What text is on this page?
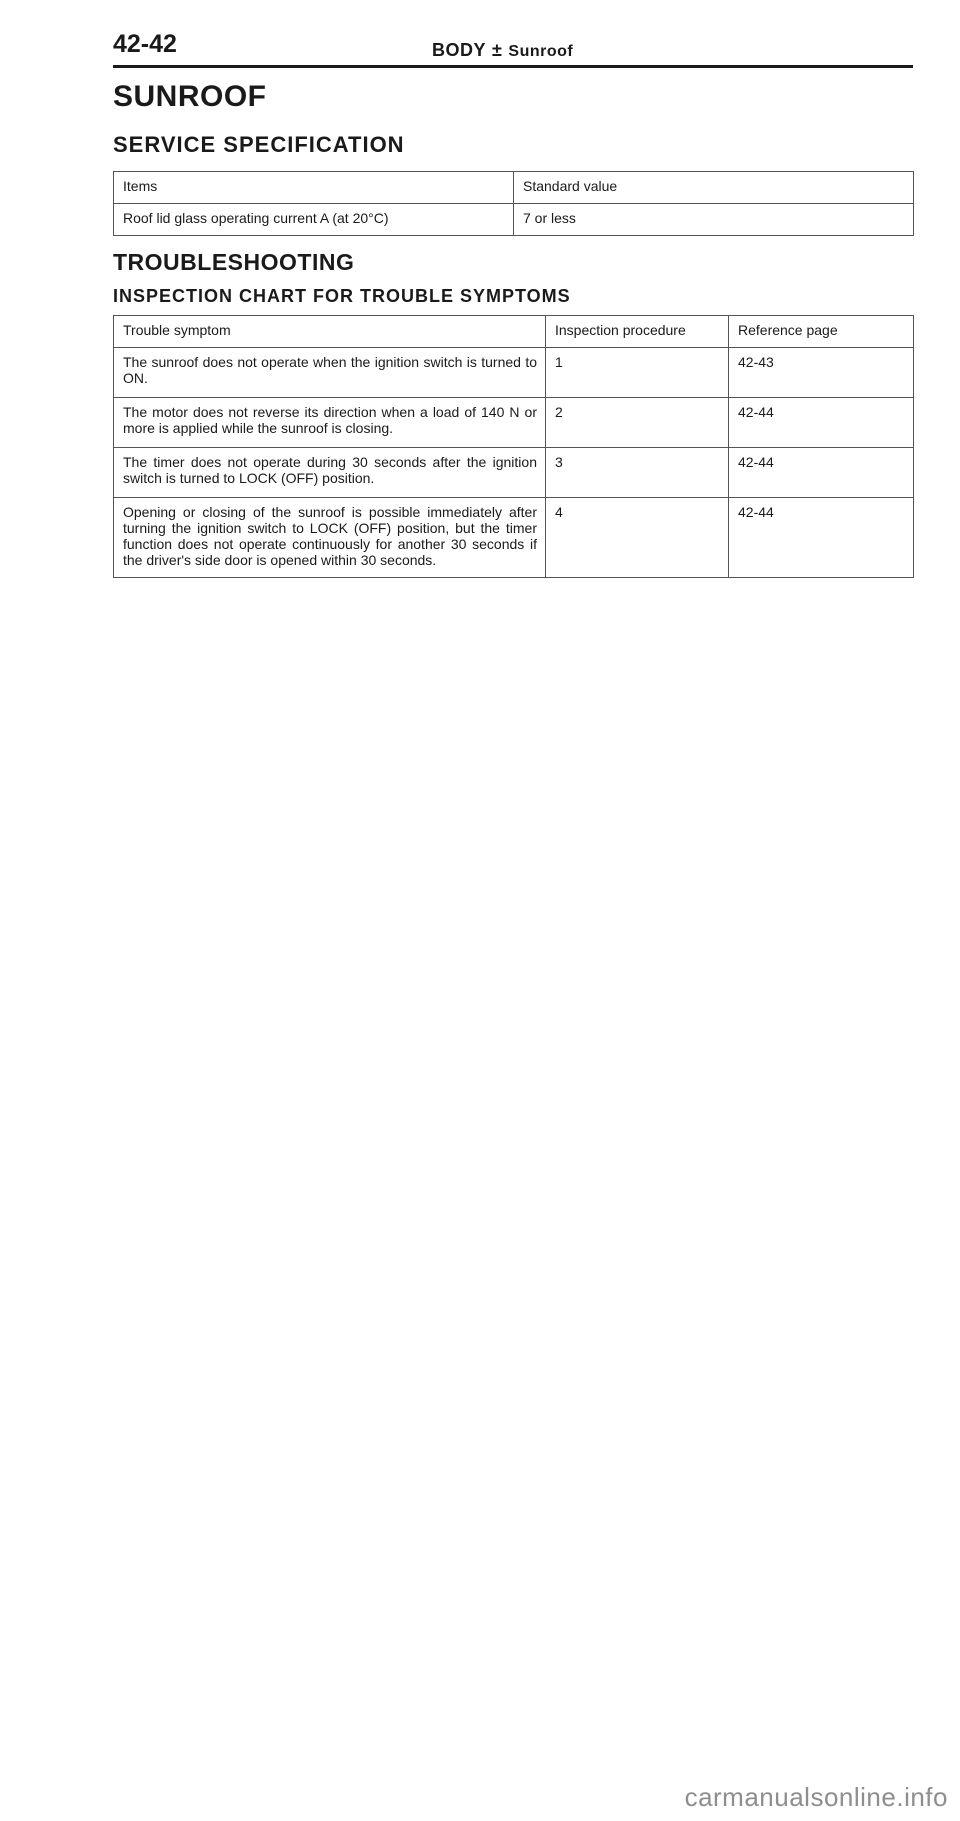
42-42	BODY ± Sunroof
SUNROOF
SERVICE SPECIFICATION
Items	Standard value
Roof lid glass operating current A (at 20°C)	7 or less
TROUBLESHOOTING
INSPECTION CHART FOR TROUBLE SYMPTOMS
Trouble symptom	Inspection procedure	Reference page
The sunroof does not operate when the ignition switch is turned to ON.	1	42-43
The motor does not reverse its direction when a load of 140 N or more is applied while the sunroof is closing.	2	42-44
The timer does not operate during 30 seconds after the ignition switch is turned to LOCK (OFF) position.	3	42-44
Opening or closing of the sunroof is possible immediately after turning the ignition switch to LOCK (OFF) position, but the timer function does not operate continuously for another 30 seconds if the driver's side door is opened within 30 seconds.	4	42-44
carmanualsonline.info
